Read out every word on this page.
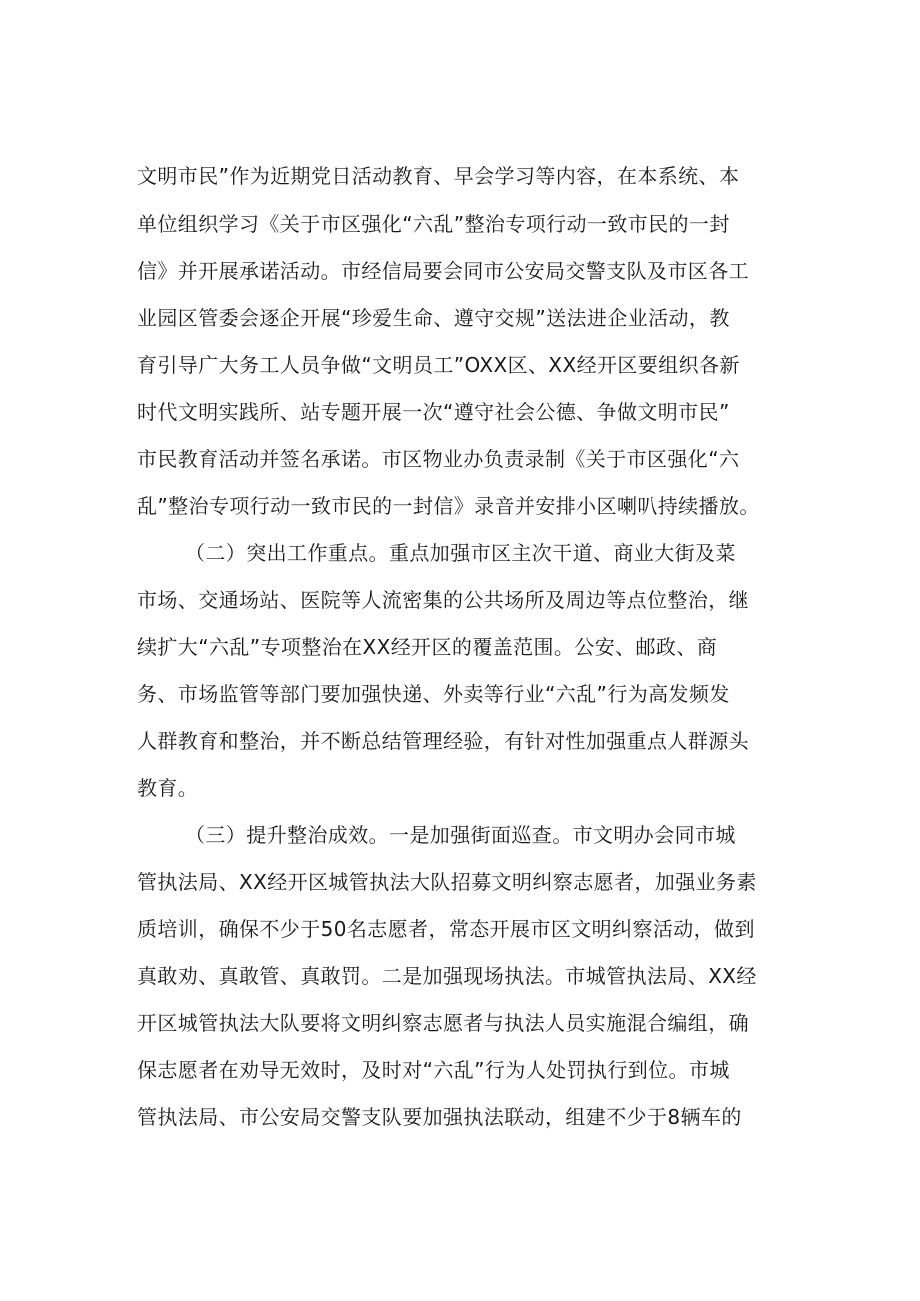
文明市民”作为近期党日活动教育、早会学习等内容，在本系统、本
单位组织学习《关于市区强化“六乱”整治专项行动一致市民的一封
信》并开展承诺活动。市经信局要会同市公安局交警支队及市区各工
业园区管委会逐企开展“珍爱生命、遵守交规”送法进企业活动，教
育引导广大务工人员争做“文明员工”OXX区、XX经开区要组织各新
时代文明实践所、站专题开展一次“遵守社会公德、争做文明市民”
市民教育活动并签名承诺。市区物业办负责录制《关于市区强化“六
乱”整治专项行动一致市民的一封信》录音并安排小区喇叭持续播放。
（二）突出工作重点。重点加强市区主次干道、商业大街及菜
市场、交通场站、医院等人流密集的公共场所及周边等点位整治，继
续扩大“六乱”专项整治在XX经开区的覆盖范围。公安、邮政、商
务、市场监管等部门要加强快递、外卖等行业“六乱”行为高发频发
人群教育和整治，并不断总结管理经验，有针对性加强重点人群源头
教育。
（三）提升整治成效。一是加强街面巡查。市文明办会同市城
管执法局、XX经开区城管执法大队招募文明纠察志愿者，加强业务素
质培训，确保不少于50名志愿者，常态开展市区文明纠察活动，做到
真敢劝、真敢管、真敢罚。二是加强现场执法。市城管执法局、XX经
开区城管执法大队要将文明纠察志愿者与执法人员实施混合编组，确
保志愿者在劝导无效时，及时对“六乱”行为人处罚执行到位。市城
管执法局、市公安局交警支队要加强执法联动，组建不少于8辆车的
